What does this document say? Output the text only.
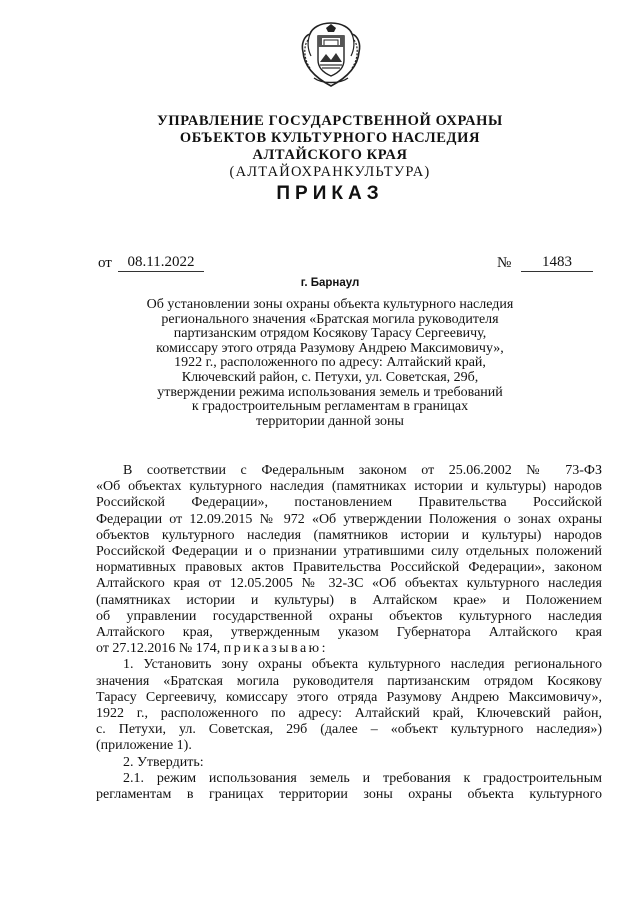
УПРАВЛЕНИЕ ГОСУДАРСТВЕННОЙ ОХРАНЫ
ОБЪЕКТОВ КУЛЬТУРНОГО НАСЛЕДИЯ
АЛТАЙСКОГО КРАЯ
(АЛТАЙОХРАНКУЛЬТУРА)
ПРИКАЗ
от	08.11.2022	№	1483
г. Барнаул
Об установлении зоны охраны объекта культурного наследия
регионального значения «Братская могила руководителя
партизанским отрядом Косякову Тарасу Сергеевичу,
комиссару этого отряда Разумову Андрею Максимовичу»,
1922 г., расположенного по адресу: Алтайский край,
Ключевский район, с. Петухи, ул. Советская, 29б,
утверждении режима использования земель и требований
к градостроительным регламентам в границах
территории данной зоны
В соответствии с Федеральным законом от 25.06.2002 № 73-ФЗ
«Об объектах культурного наследия (памятниках истории и культуры) народов
Российской Федерации», постановлением Правительства Российской
Федерации от 12.09.2015 № 972 «Об утверждении Положения о зонах охраны
объектов культурного наследия (памятников истории и культуры) народов
Российской Федерации и о признании утратившими силу отдельных положений
нормативных правовых актов Правительства Российской Федерации», законом
Алтайского края от 12.05.2005 № 32-ЗС «Об объектах культурного наследия
(памятниках истории и культуры) в Алтайском крае» и Положением
об управлении государственной охраны объектов культурного наследия
Алтайского края, утвержденным указом Губернатора Алтайского края
от 27.12.2016 № 174, приказываю:
1. Установить зону охраны объекта культурного наследия регионального
значения «Братская могила руководителя партизанским отрядом Косякову
Тарасу Сергеевичу, комиссару этого отряда Разумову Андрею Максимовичу»,
1922 г., расположенного по адресу: Алтайский край, Ключевский район,
с. Петухи, ул. Советская, 29б (далее – «объект культурного наследия»)
(приложение 1).
2. Утвердить:
2.1. режим использования земель и требования к градостроительным
регламентам в границах территории зоны охраны объекта культурного
